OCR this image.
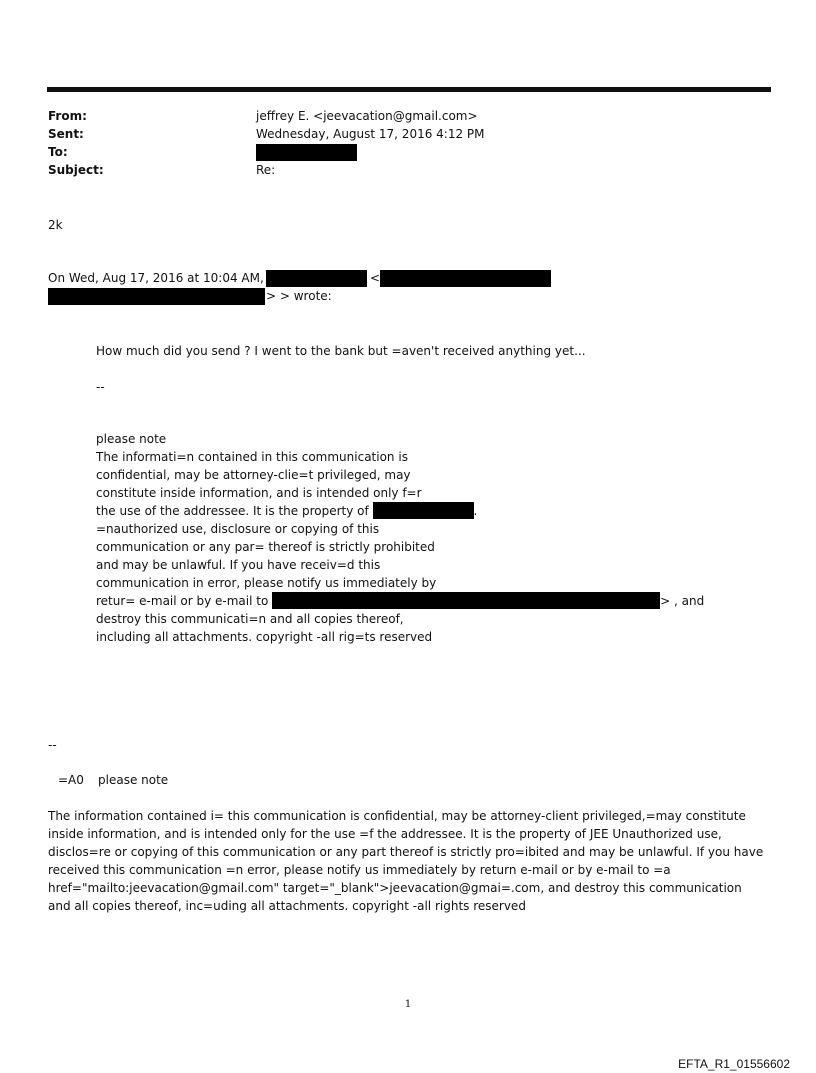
From:	jeffrey E. <jeevacation@gmail.com>
Sent:	Wednesday, August 17, 2016 4:12 PM
To:
Subject:	Re:
2k
On Wed, Aug 17, 2016 at 10:04 AM,	<
> > wrote:
How much did you send ? I went to the bank but =aven't received anything yet...
--
please note
The informati=n contained in this communication is
confidential, may be attorney-clie=t privileged, may
constitute inside information, and is intended only f=r
the use of the addressee. It is the property of	.
=nauthorized use, disclosure or copying of this
communication or any par= thereof is strictly prohibited
and may be unlawful. If you have receiv=d this
communication in error, please notify us immediately by
retur= e-mail or by e-mail to	> , and
destroy this communicati=n and all copies thereof,
including all attachments. copyright -all rig=ts reserved
--
=A0 please note
The information contained i= this communication is confidential, may be attorney-client privileged,=may constitute inside information, and is intended only for the use =f the addressee. It is the property of JEE Unauthorized use, disclos=re or copying of this communication or any part thereof is strictly pro=ibited and may be unlawful. If you have received this communication =n error, please notify us immediately by return e-mail or by e-mail to =a href="mailto:jeevacation@gmail.com" target="_blank">jeevacation@gmai=.com, and destroy this communication and all copies thereof, inc=uding all attachments. copyright -all rights reserved
1
EFTA_R1_01556602
